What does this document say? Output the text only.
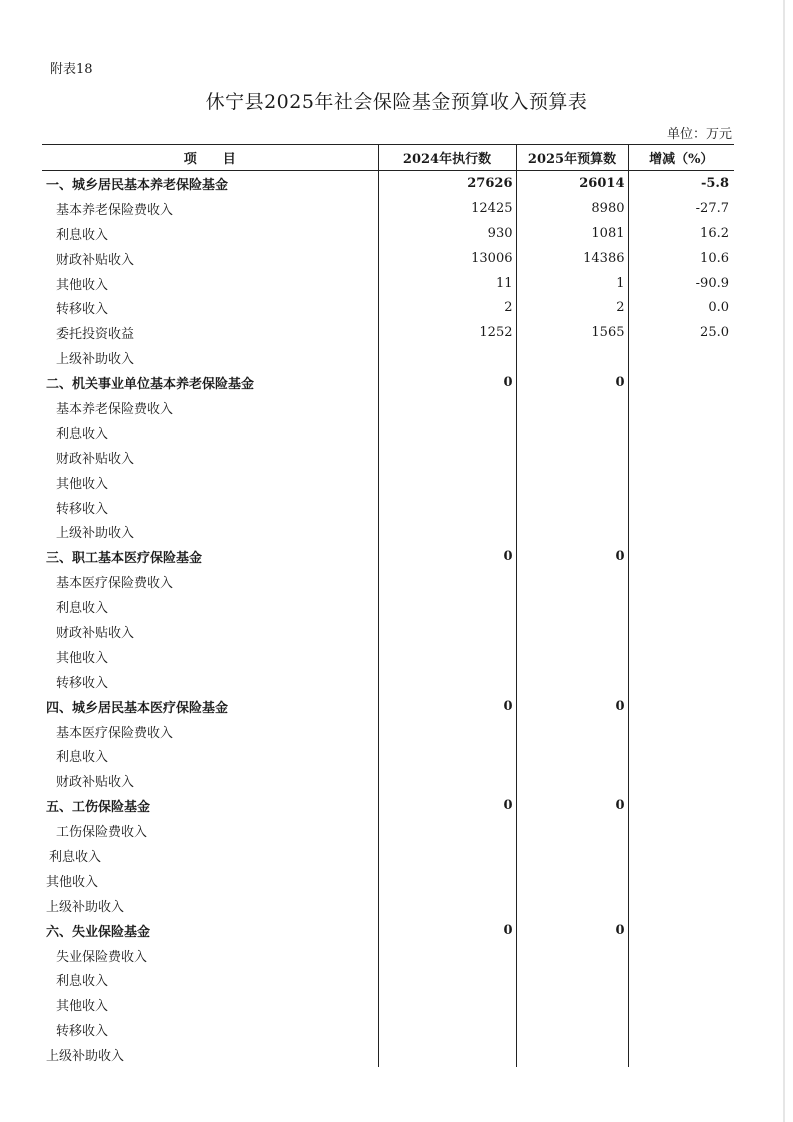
附表18
休宁县2025年社会保险基金预算收入预算表
单位：万元
项　　目	2024年执行数	2025年预算数	增减（%）
一、城乡居民基本养老保险基金	27626	26014	-5.8
基本养老保险费收入	12425	8980	-27.7
利息收入	930	1081	16.2
财政补贴收入	13006	14386	10.6
其他收入	11	1	-90.9
转移收入	2	2	0.0
委托投资收益	1252	1565	25.0
上级补助收入			
二、机关事业单位基本养老保险基金	0	0	
基本养老保险费收入			
利息收入			
财政补贴收入			
其他收入			
转移收入			
上级补助收入			
三、职工基本医疗保险基金	0	0	
基本医疗保险费收入			
利息收入			
财政补贴收入			
其他收入			
转移收入			
四、城乡居民基本医疗保险基金	0	0	
基本医疗保险费收入			
利息收入			
财政补贴收入			
五、工伤保险基金	0	0	
工伤保险费收入			
利息收入			
其他收入			
上级补助收入			
六、失业保险基金	0	0	
失业保险费收入			
利息收入			
其他收入			
转移收入			
上级补助收入			
